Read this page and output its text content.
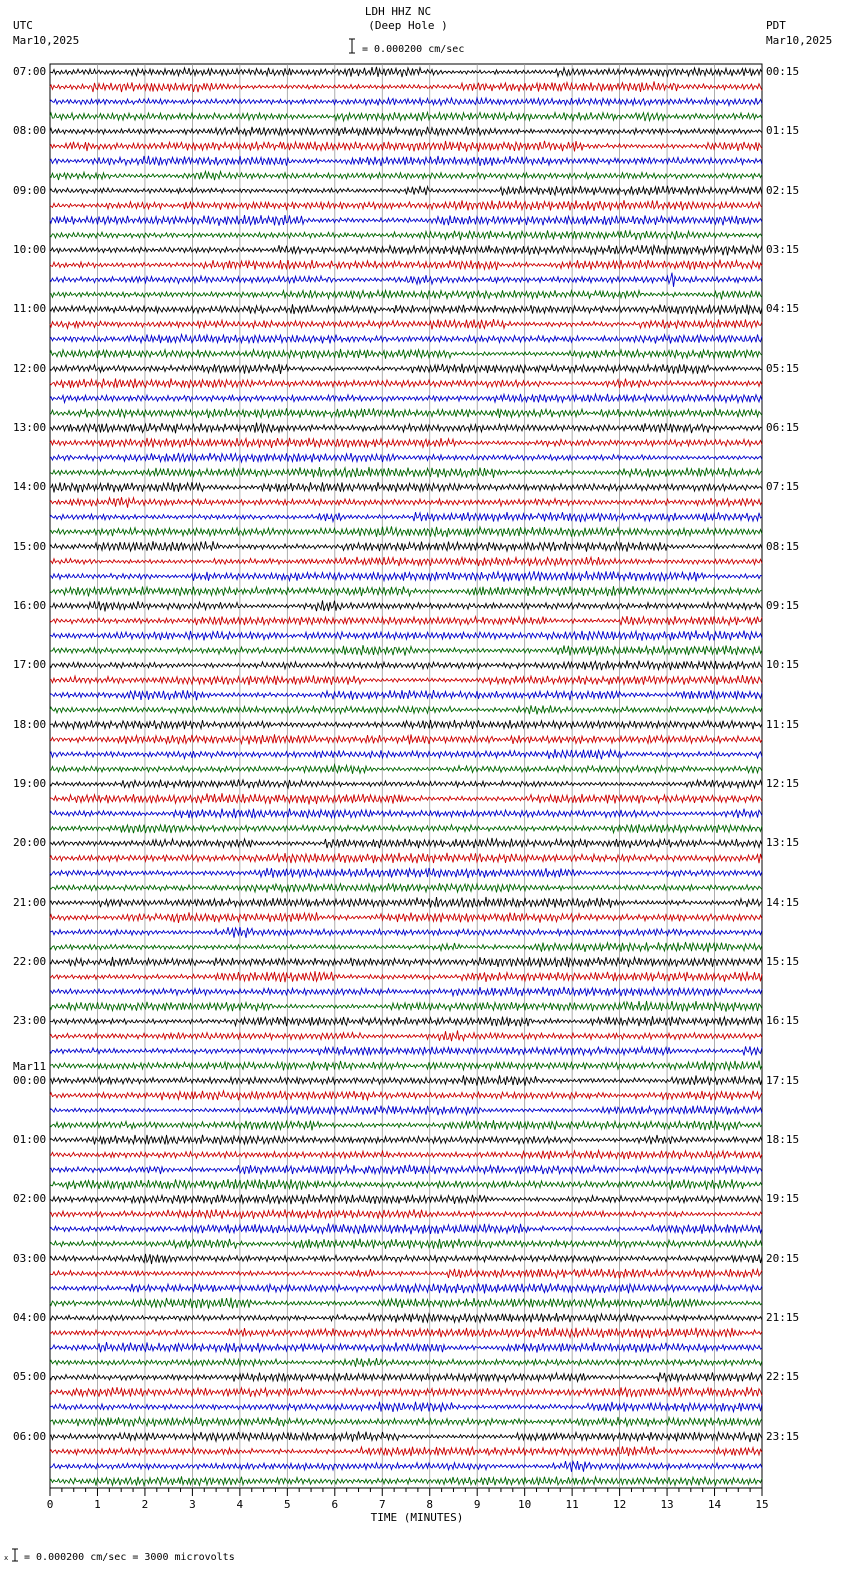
LDH HHZ NC
(Deep Hole )
UTC
Mar10,2025
PDT
Mar10,2025
= 0.000200 cm/sec
0	1	2	3	4	5	6	7	8	9	10	11	12	13	14	15
07:00
08:00
09:00
10:00
11:00
12:00
13:00
14:00
15:00
16:00
17:00
18:00
19:00
20:00
21:00
22:00
23:00
00:00
Mar11
01:00
02:00
03:00
04:00
05:00
06:00
00:15
01:15
02:15
03:15
04:15
05:15
06:15
07:15
08:15
09:15
10:15
11:15
12:15
13:15
14:15
15:15
16:15
17:15
18:15
19:15
20:15
21:15
22:15
23:15
TIME (MINUTES)
x = 0.000200 cm/sec = 3000 microvolts
